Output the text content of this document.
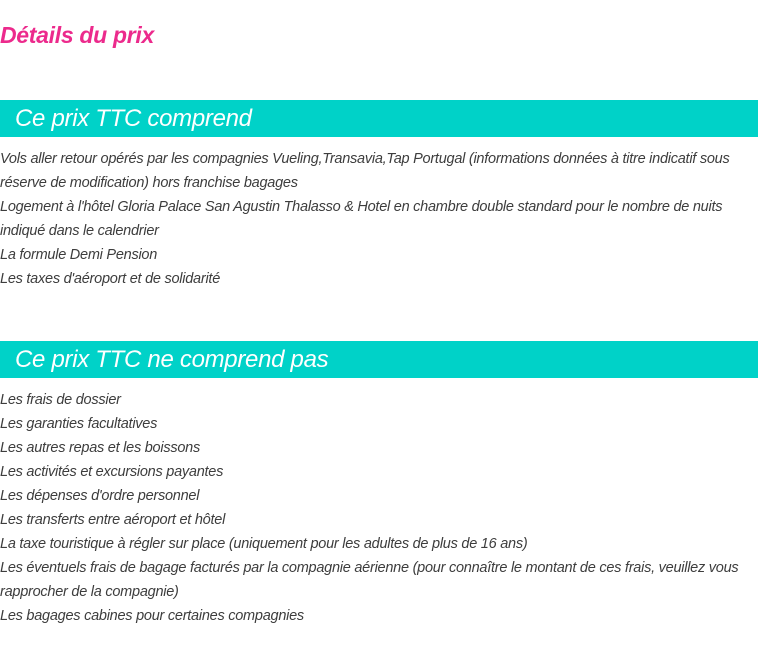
Détails du prix
Ce prix TTC comprend
Vols aller retour opérés par les compagnies Vueling,Transavia,Tap Portugal (informations données à titre indicatif sous réserve de modification) hors franchise bagages
Logement à l'hôtel Gloria Palace San Agustin Thalasso & Hotel en chambre double standard pour le nombre de nuits indiqué dans le calendrier
La formule Demi Pension
Les taxes d'aéroport et de solidarité
Ce prix TTC ne comprend pas
Les frais de dossier
Les garanties facultatives
Les autres repas et les boissons
Les activités et excursions payantes
Les dépenses d'ordre personnel
Les transferts entre aéroport et hôtel
La taxe touristique à régler sur place (uniquement pour les adultes de plus de 16 ans)
Les éventuels frais de bagage facturés par la compagnie aérienne (pour connaître le montant de ces frais, veuillez vous rapprocher de la compagnie)
Les bagages cabines pour certaines compagnies
